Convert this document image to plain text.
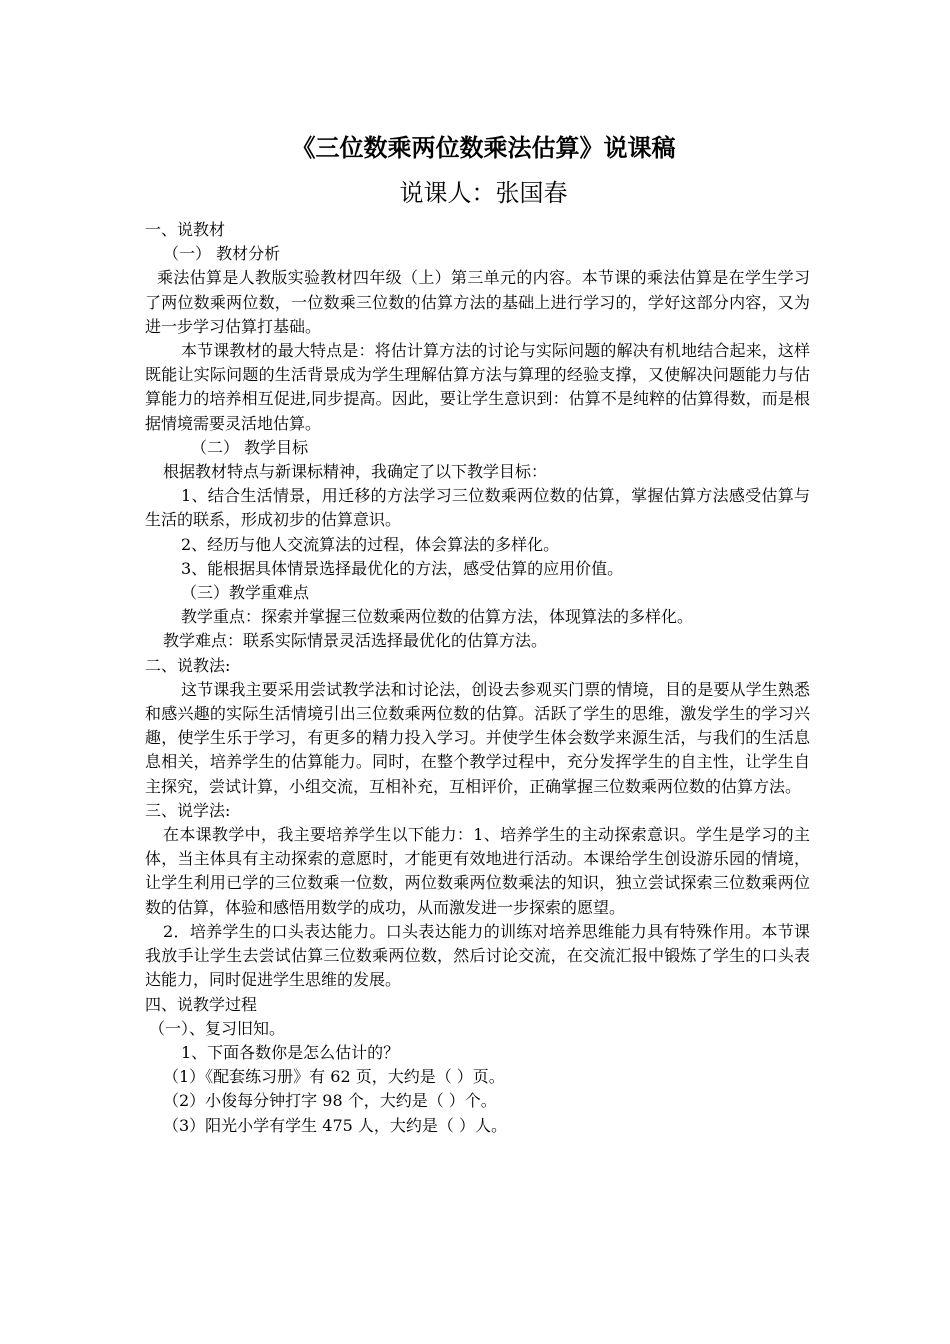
《三位数乘两位数乘法估算》说课稿
说课人：张国春
一、说教材
（一） 教材分析

乘法估算是人教版实验教材四年级（上）第三单元的内容。本节课的乘法估算是在学生学习了两位数乘两位数，一位数乘三位数的估算方法的基础上进行学习的，学好这部分内容，又为进一步学习估算打基础。

本节课教材的最大特点是：将估计算方法的讨论与实际问题的解决有机地结合起来，这样既能让实际问题的生活背景成为学生理解估算方法与算理的经验支撑，又使解决问题能力与估算能力的培养相互促进,同步提高。因此，要让学生意识到：估算不是纯粹的估算得数，而是根据情境需要灵活地估算。

（二） 教学目标
根据教材特点与新课标精神，我确定了以下教学目标：

1、结合生活情景，用迁移的方法学习三位数乘两位数的估算，掌握估算方法感受估算与生活的联系，形成初步的估算意识。

2、经历与他人交流算法的过程，体会算法的多样化。
3、能根据具体情景选择最优化的方法，感受估算的应用价值。
（三）教学重难点
教学重点：探索并掌握三位数乘两位数的估算方法，体现算法的多样化。
教学难点：联系实际情景灵活选择最优化的估算方法。
二、说教法:

这节课我主要采用尝试教学法和讨论法，创设去参观买门票的情境，目的是要从学生熟悉和感兴趣的实际生活情境引出三位数乘两位数的估算。活跃了学生的思维，激发学生的学习兴趣，使学生乐于学习，有更多的精力投入学习。并使学生体会数学来源生活，与我们的生活息息相关，培养学生的估算能力。同时，在整个教学过程中，充分发挥学生的自主性，让学生自主探究，尝试计算，小组交流，互相补充，互相评价，正确掌握三位数乘两位数的估算方法。

三、说学法:

在本课教学中，我主要培养学生以下能力：1、培养学生的主动探索意识。学生是学习的主体，当主体具有主动探索的意愿时，才能更有效地进行活动。本课给学生创设游乐园的情境，让学生利用已学的三位数乘一位数，两位数乘两位数乘法的知识，独立尝试探索三位数乘两位数的估算，体验和感悟用数学的成功，从而激发进一步探索的愿望。

2．培养学生的口头表达能力。口头表达能力的训练对培养思维能力具有特殊作用。本节课我放手让学生去尝试估算三位数乘两位数，然后讨论交流，在交流汇报中锻炼了学生的口头表达能力，同时促进学生思维的发展。

四、说教学过程
（一）、复习旧知。
1、下面各数你是怎么估计的？
（1）《配套练习册》有 62 页，大约是（ ）页。
（2）小俊每分钟打字 98 个，大约是（ ）个。
（3）阳光小学有学生 475 人，大约是（ ）人。
